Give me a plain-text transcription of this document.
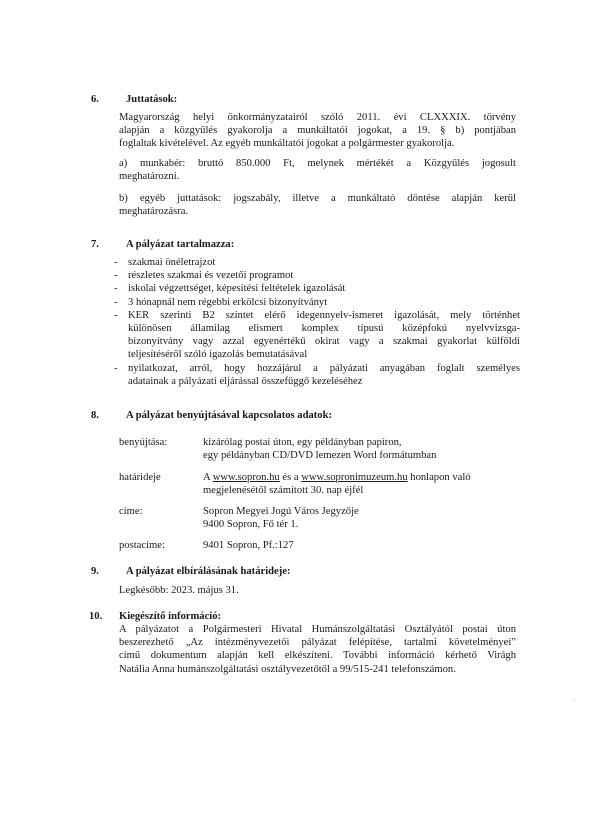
6.	Juttatások:
Magyarország helyi önkormányzatairól szóló 2011. évi CLXXXIX. törvény
alapján a közgyűlés gyakorolja a munkáltatói jogokat, a 19. § b) pontjában
foglaltak kivételével. Az egyéb munkáltatói jogokat a polgármester gyakorolja.
a) munkabér: bruttó 850.000 Ft, melynek mértékét a Közgyűlés jogosult
meghatározni.
b) egyéb juttatások: jogszabály, illetve a munkáltató döntése alapján kerül
meghatározásra.
7.	A pályázat tartalmazza:
- szakmai önéletrajzot
- részletes szakmai és vezetői programot
- iskolai végzettséget, képesítési feltételek igazolását
- 3 hónapnál nem régebbi erkölcsi bizonyítványt
- KER szerinti B2 szintet elérő idegennyelv-ismeret igazolását, mely történhet
különösen államilag elismert komplex típusú középfokú nyelvvizsga-
bizonyítvány vagy azzal egyenértékű okirat vagy a szakmai gyakorlat külföldi
teljesítéséről szóló igazolás bemutatásával
- nyilatkozat, arról, hogy hozzájárul a pályázati anyagában foglalt személyes
adatainak a pályázati eljárással összefüggő kezeléséhez
8.	A pályázat benyújtásával kapcsolatos adatok:
benyújtása:	kizárólag postai úton, egy példányban papíron,
egy példányban CD/DVD lemezen Word formátumban
határideje	A www.sopron.hu és a www.sopronimuzeum.hu honlapon való
megjelenésétől számított 30. nap éjfél
címe:	Sopron Megyei Jogú Város Jegyzője
9400 Sopron, Fő tér 1.
postacíme:	9401 Sopron, Pf.:127
9.	A pályázat elbírálásának határideje:
Legkésőbb: 2023. május 31.
10. Kiegészítő információ:
A pályázatot a Polgármesteri Hivatal Humánszolgáltatási Osztályától postai úton
beszerezhető „Az intézményvezetői pályázat felépítése, tartalmi követelményei”
című dokumentum alapján kell elkészíteni. További információ kérhető Virágh
Natália Anna humánszolgáltatási osztályvezetőtől a 99/515-241 telefonszámon.
